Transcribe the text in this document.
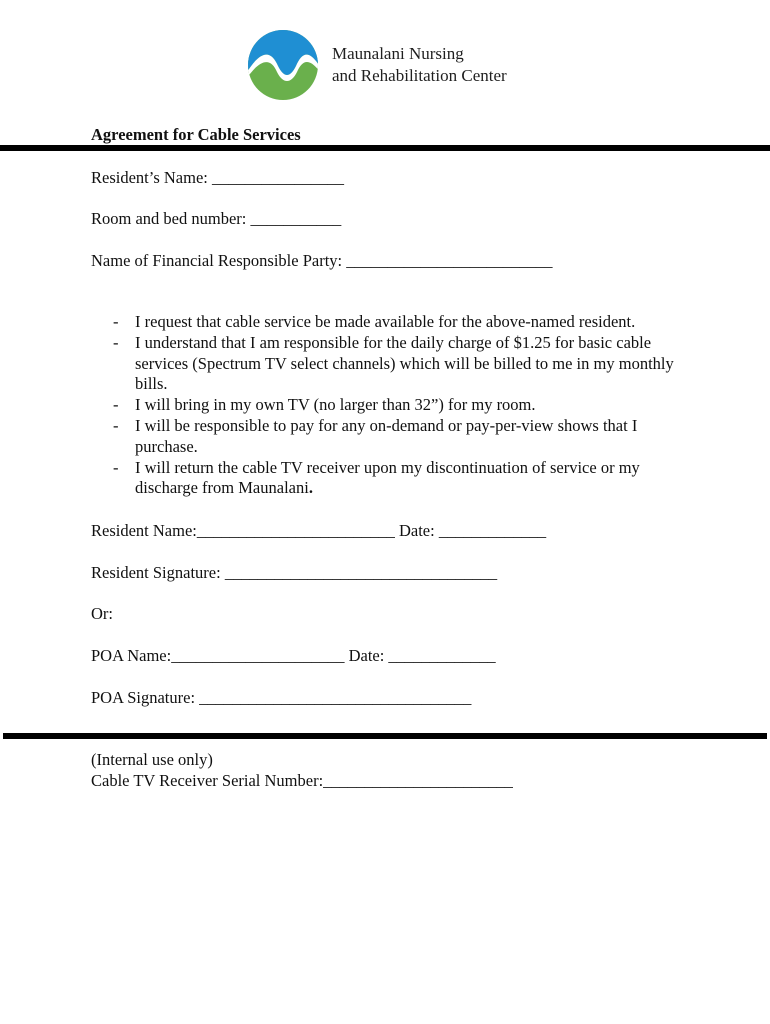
Maunalani Nursing
and Rehabilitation Center
Agreement for Cable Services
Resident’s Name: ________________
Room and bed number: ___________
Name of Financial Responsible Party: _________________________
- I request that cable service be made available for the above-named resident.
- I understand that I am responsible for the daily charge of $1.25 for basic cable services (Spectrum TV select channels) which will be billed to me in my monthly bills.
- I will bring in my own TV (no larger than 32”) for my room.
- I will be responsible to pay for any on-demand or pay-per-view shows that I purchase.
- I will return the cable TV receiver upon my discontinuation of service or my discharge from Maunalani.
Resident Name:________________________ Date: _____________
Resident Signature: _________________________________
Or:
POA Name:_____________________ Date: _____________
POA Signature: _________________________________
(Internal use only)
Cable TV Receiver Serial Number:_______________________
